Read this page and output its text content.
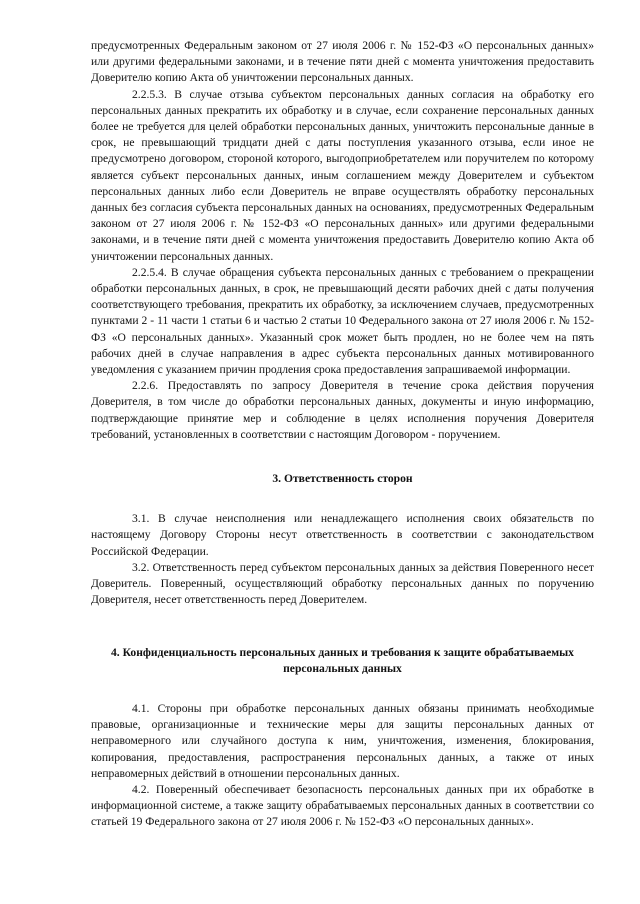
предусмотренных Федеральным законом от 27 июля 2006 г. № 152-ФЗ «О персональных данных» или другими федеральными законами, и в течение пяти дней с момента уничтожения предоставить Доверителю копию Акта об уничтожении персональных данных.

2.2.5.3. В случае отзыва субъектом персональных данных согласия на обработку его персональных данных прекратить их обработку и в случае, если сохранение персональных данных более не требуется для целей обработки персональных данных, уничтожить персональные данные в срок, не превышающий тридцати дней с даты поступления указанного отзыва, если иное не предусмотрено договором, стороной которого, выгодоприобретателем или поручителем по которому является субъект персональных данных, иным соглашением между Доверителем и субъектом персональных данных либо если Доверитель не вправе осуществлять обработку персональных данных без согласия субъекта персональных данных на основаниях, предусмотренных Федеральным законом от 27 июля 2006 г. № 152-ФЗ «О персональных данных» или другими федеральными законами, и в течение пяти дней с момента уничтожения предоставить Доверителю копию Акта об уничтожении персональных данных.

2.2.5.4. В случае обращения субъекта персональных данных с требованием о прекращении обработки персональных данных, в срок, не превышающий десяти рабочих дней с даты получения соответствующего требования, прекратить их обработку, за исключением случаев, предусмотренных пунктами 2 - 11 части 1 статьи 6 и частью 2 статьи 10 Федерального закона от 27 июля 2006 г. № 152-ФЗ «О персональных данных». Указанный срок может быть продлен, но не более чем на пять рабочих дней в случае направления в адрес субъекта персональных данных мотивированного уведомления с указанием причин продления срока предоставления запрашиваемой информации.

2.2.6. Предоставлять по запросу Доверителя в течение срока действия поручения Доверителя, в том числе до обработки персональных данных, документы и иную информацию, подтверждающие принятие мер и соблюдение в целях исполнения поручения Доверителя требований, установленных в соответствии с настоящим Договором - поручением.

3. Ответственность сторон

3.1. В случае неисполнения или ненадлежащего исполнения своих обязательств по настоящему Договору Стороны несут ответственность в соответствии с законодательством Российской Федерации.

3.2. Ответственность перед субъектом персональных данных за действия Поверенного несет Доверитель. Поверенный, осуществляющий обработку персональных данных по поручению Доверителя, несет ответственность перед Доверителем.

4. Конфиденциальность персональных данных и требования к защите обрабатываемых персональных данных

4.1. Стороны при обработке персональных данных обязаны принимать необходимые правовые, организационные и технические меры для защиты персональных данных от неправомерного или случайного доступа к ним, уничтожения, изменения, блокирования, копирования, предоставления, распространения персональных данных, а также от иных неправомерных действий в отношении персональных данных.

4.2. Поверенный обеспечивает безопасность персональных данных при их обработке в информационной системе, а также защиту обрабатываемых персональных данных в соответствии со статьей 19 Федерального закона от 27 июля 2006 г. № 152-ФЗ «О персональных данных».
